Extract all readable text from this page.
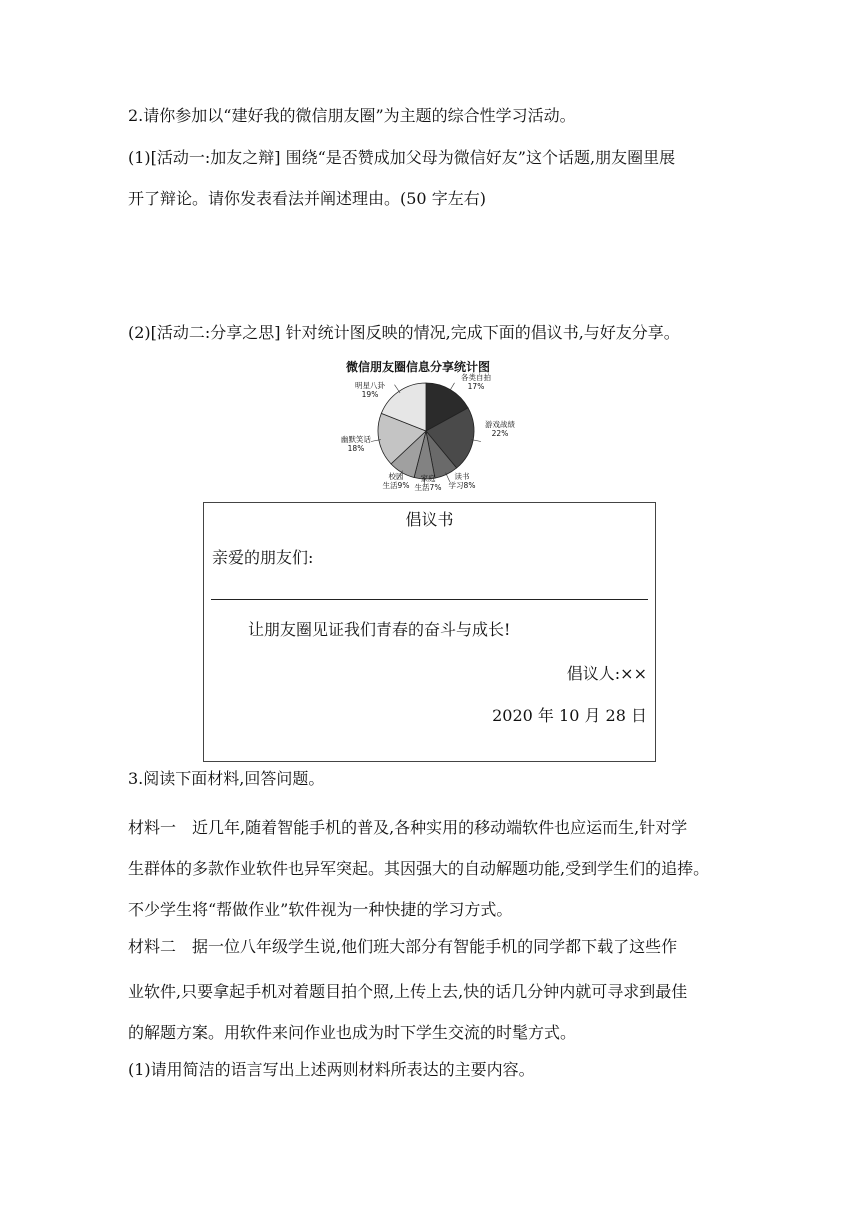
2.请你参加以“建好我的微信朋友圈”为主题的综合性学习活动。
(1)[活动一:加友之辩] 围绕“是否赞成加父母为微信好友”这个话题,朋友圈里展
开了辩论。请你发表看法并阐述理由。(50 字左右)
(2)[活动二:分享之思] 针对统计图反映的情况,完成下面的倡议书,与好友分享。
微信朋友圈信息分享统计图
各类自拍
17%
游戏战绩
22%
读书
学习8%
家庭
生活7%
校园
生活9%
幽默笑话
18%
明星八卦
19%
倡议书
亲爱的朋友们:
让朋友圈见证我们青春的奋斗与成长!
倡议人:××
2020 年 10 月 28 日
3.阅读下面材料,回答问题。
材料一　近几年,随着智能手机的普及,各种实用的移动端软件也应运而生,针对学
生群体的多款作业软件也异军突起。其因强大的自动解题功能,受到学生们的追捧。
不少学生将“帮做作业”软件视为一种快捷的学习方式。
材料二　据一位八年级学生说,他们班大部分有智能手机的同学都下载了这些作
业软件,只要拿起手机对着题目拍个照,上传上去,快的话几分钟内就可寻求到最佳
的解题方案。用软件来问作业也成为时下学生交流的时髦方式。
(1)请用简洁的语言写出上述两则材料所表达的主要内容。
